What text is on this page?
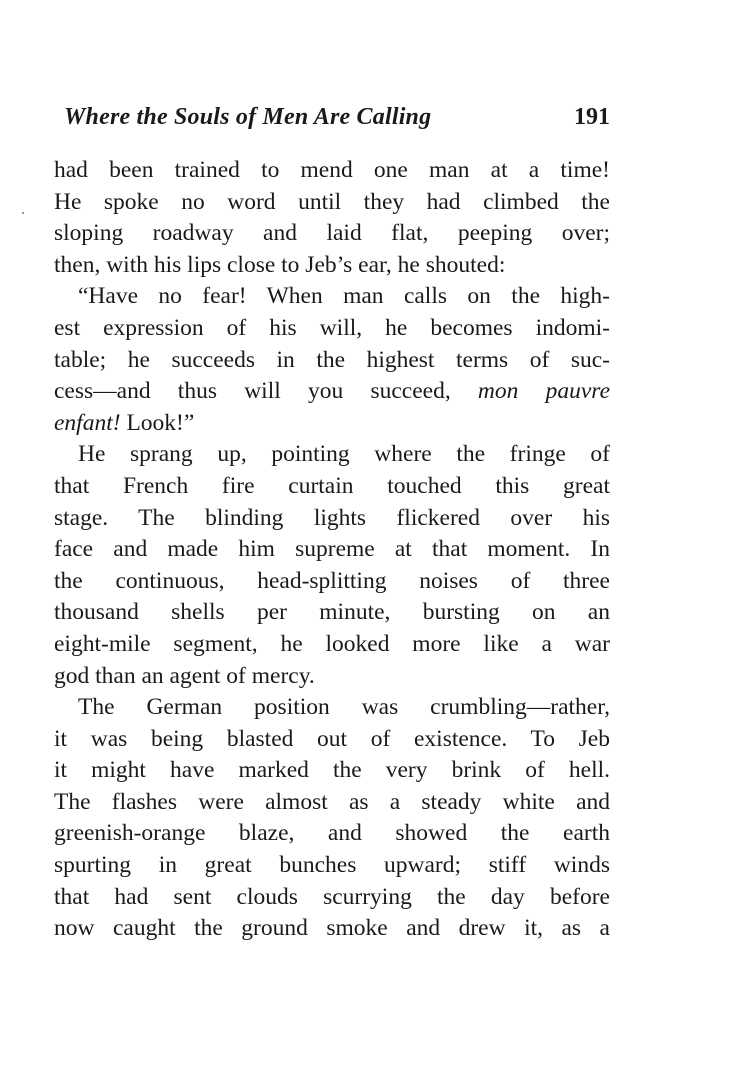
Where the Souls of Men Are Calling	191
had been trained to mend one man at a time!
He spoke no word until they had climbed the
sloping roadway and laid flat, peeping over;
then, with his lips close to Jeb’s ear, he shouted:
“Have no fear! When man calls on the high-
est expression of his will, he becomes indomi-
table; he succeeds in the highest terms of suc-
cess—and thus will you succeed, mon pauvre
enfant! Look!”
He sprang up, pointing where the fringe of
that French fire curtain touched this great
stage. The blinding lights flickered over his
face and made him supreme at that moment. In
the continuous, head-splitting noises of three
thousand shells per minute, bursting on an
eight-mile segment, he looked more like a war
god than an agent of mercy.
The German position was crumbling—rather,
it was being blasted out of existence. To Jeb
it might have marked the very brink of hell.
The flashes were almost as a steady white and
greenish-orange blaze, and showed the earth
spurting in great bunches upward; stiff winds
that had sent clouds scurrying the day before
now caught the ground smoke and drew it, as a
